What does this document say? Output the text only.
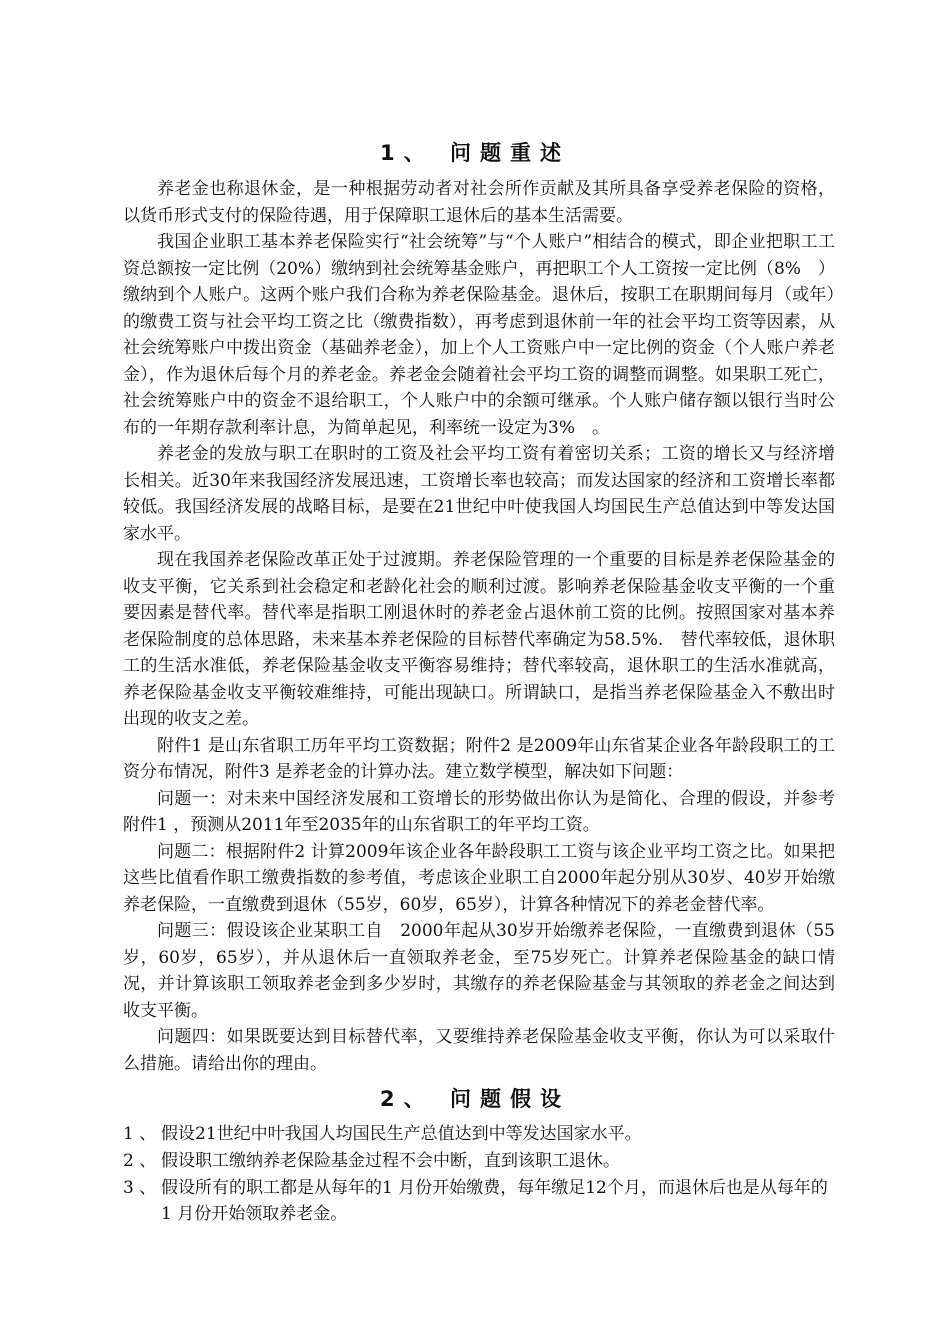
1、 问题重述

养老金也称退休金，是一种根据劳动者对社会所作贡献及其所具备享受养老保险的资格，以货币形式支付的保险待遇，用于保障职工退休后的基本生活需要。

我国企业职工基本养老保险实行“社会统筹”与“个人账户”相结合的模式，即企业把职工工资总额按一定比例（20%）缴纳到社会统筹基金账户，再把职工个人工资按一定比例（8%　）缴纳到个人账户。这两个账户我们合称为养老保险基金。退休后，按职工在职期间每月（或年）的缴费工资与社会平均工资之比（缴费指数），再考虑到退休前一年的社会平均工资等因素，从社会统筹账户中拨出资金（基础养老金），加上个人工资账户中一定比例的资金（个人账户养老金），作为退休后每个月的养老金。养老金会随着社会平均工资的调整而调整。如果职工死亡，社会统筹账户中的资金不退给职工，个人账户中的余额可继承。个人账户储存额以银行当时公布的一年期存款利率计息，为简单起见，利率统一设定为3%　。

养老金的发放与职工在职时的工资及社会平均工资有着密切关系；工资的增长又与经济增长相关。近30年来我国经济发展迅速，工资增长率也较高；而发达国家的经济和工资增长率都较低。我国经济发展的战略目标，是要在21世纪中叶使我国人均国民生产总值达到中等发达国家水平。

现在我国养老保险改革正处于过渡期。养老保险管理的一个重要的目标是养老保险基金的收支平衡，它关系到社会稳定和老龄化社会的顺利过渡。影响养老保险基金收支平衡的一个重要因素是替代率。替代率是指职工刚退休时的养老金占退休前工资的比例。按照国家对基本养老保险制度的总体思路，未来基本养老保险的目标替代率确定为58.5%.　替代率较低，退休职工的生活水准低，养老保险基金收支平衡容易维持；替代率较高，退休职工的生活水准就高，养老保险基金收支平衡较难维持，可能出现缺口。所谓缺口，是指当养老保险基金入不敷出时出现的收支之差。

附件1 是山东省职工历年平均工资数据；附件2 是2009年山东省某企业各年龄段职工的工资分布情况，附件3 是养老金的计算办法。建立数学模型，解决如下问题：

问题一：对未来中国经济发展和工资增长的形势做出你认为是简化、合理的假设，并参考附件1 ，预测从2011年至2035年的山东省职工的年平均工资。

问题二：根据附件2 计算2009年该企业各年龄段职工工资与该企业平均工资之比。如果把这些比值看作职工缴费指数的参考值，考虑该企业职工自2000年起分别从30岁、40岁开始缴养老保险，一直缴费到退休（55岁，60岁，65岁），计算各种情况下的养老金替代率。

问题三：假设该企业某职工自　2000年起从30岁开始缴养老保险，一直缴费到退休（55岁，60岁，65岁），并从退休后一直领取养老金，至75岁死亡。计算养老保险基金的缺口情况，并计算该职工领取养老金到多少岁时，其缴存的养老保险基金与其领取的养老金之间达到收支平衡。

问题四：如果既要达到目标替代率，又要维持养老保险基金收支平衡，你认为可以采取什么措施。请给出你的理由。

2、 问题假设
1 、 假设21世纪中叶我国人均国民生产总值达到中等发达国家水平。
2 、 假设职工缴纳养老保险基金过程不会中断，直到该职工退休。
3 、 假设所有的职工都是从每年的1 月份开始缴费，每年缴足12个月，而退休后也是从每年的1 月份开始领取养老金。
